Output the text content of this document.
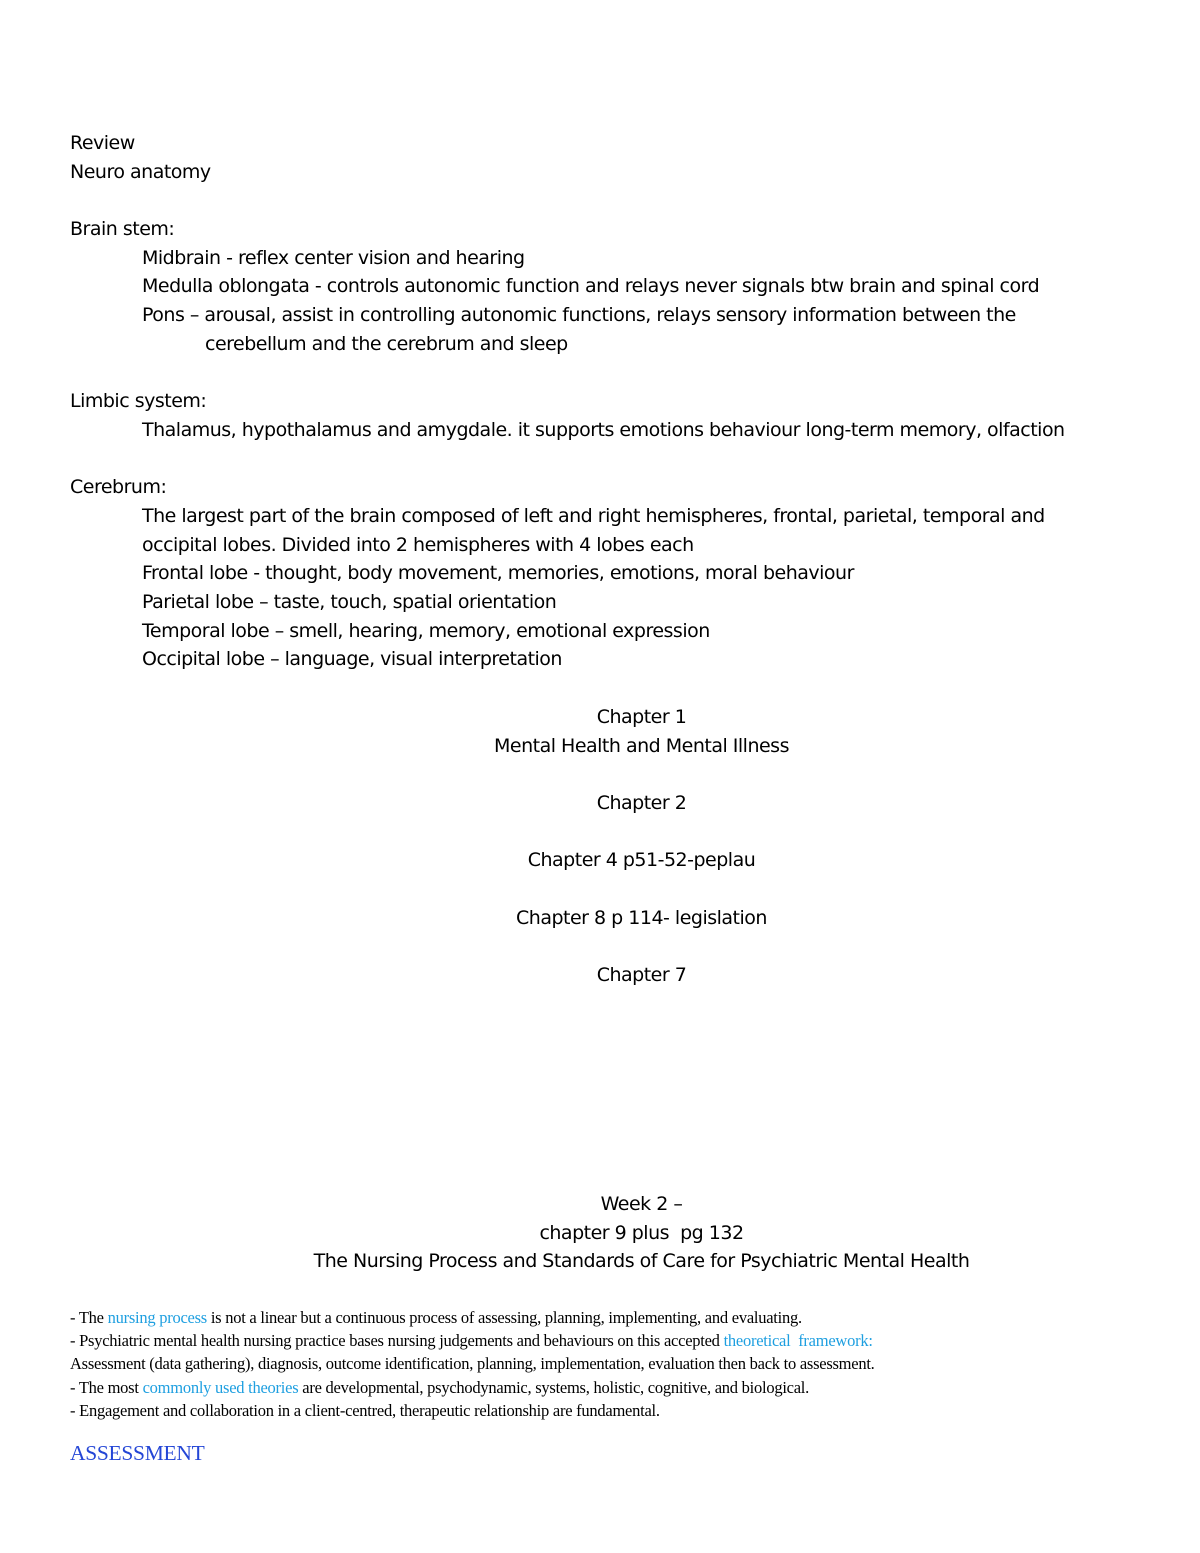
Review
Neuro anatomy
Brain stem:
Midbrain - reflex center vision and hearing
Medulla oblongata - controls autonomic function and relays never signals btw brain and spinal cord
Pons – arousal, assist in controlling autonomic functions, relays sensory information between the
cerebellum and the cerebrum and sleep
Limbic system:
Thalamus, hypothalamus and amygdale. it supports emotions behaviour long-term memory, olfaction
Cerebrum:
The largest part of the brain composed of left and right hemispheres, frontal, parietal, temporal and
occipital lobes. Divided into 2 hemispheres with 4 lobes each
Frontal lobe - thought, body movement, memories, emotions, moral behaviour
Parietal lobe – taste, touch, spatial orientation
Temporal lobe – smell, hearing, memory, emotional expression
Occipital lobe – language, visual interpretation
Chapter 1
Mental Health and Mental Illness
Chapter 2
Chapter 4 p51-52-peplau
Chapter 8 p 114- legislation
Chapter 7
Week 2 –
chapter 9 plus  pg 132
The Nursing Process and Standards of Care for Psychiatric Mental Health
- The nursing process is not a linear but a continuous process of assessing, planning, implementing, and evaluating.
- Psychiatric mental health nursing practice bases nursing judgements and behaviours on this accepted theoretical  framework:
Assessment (data gathering), diagnosis, outcome identification, planning, implementation, evaluation then back to assessment.
- The most commonly used theories are developmental, psychodynamic, systems, holistic, cognitive, and biological.
- Engagement and collaboration in a client-centred, therapeutic relationship are fundamental.
ASSESSMENT
